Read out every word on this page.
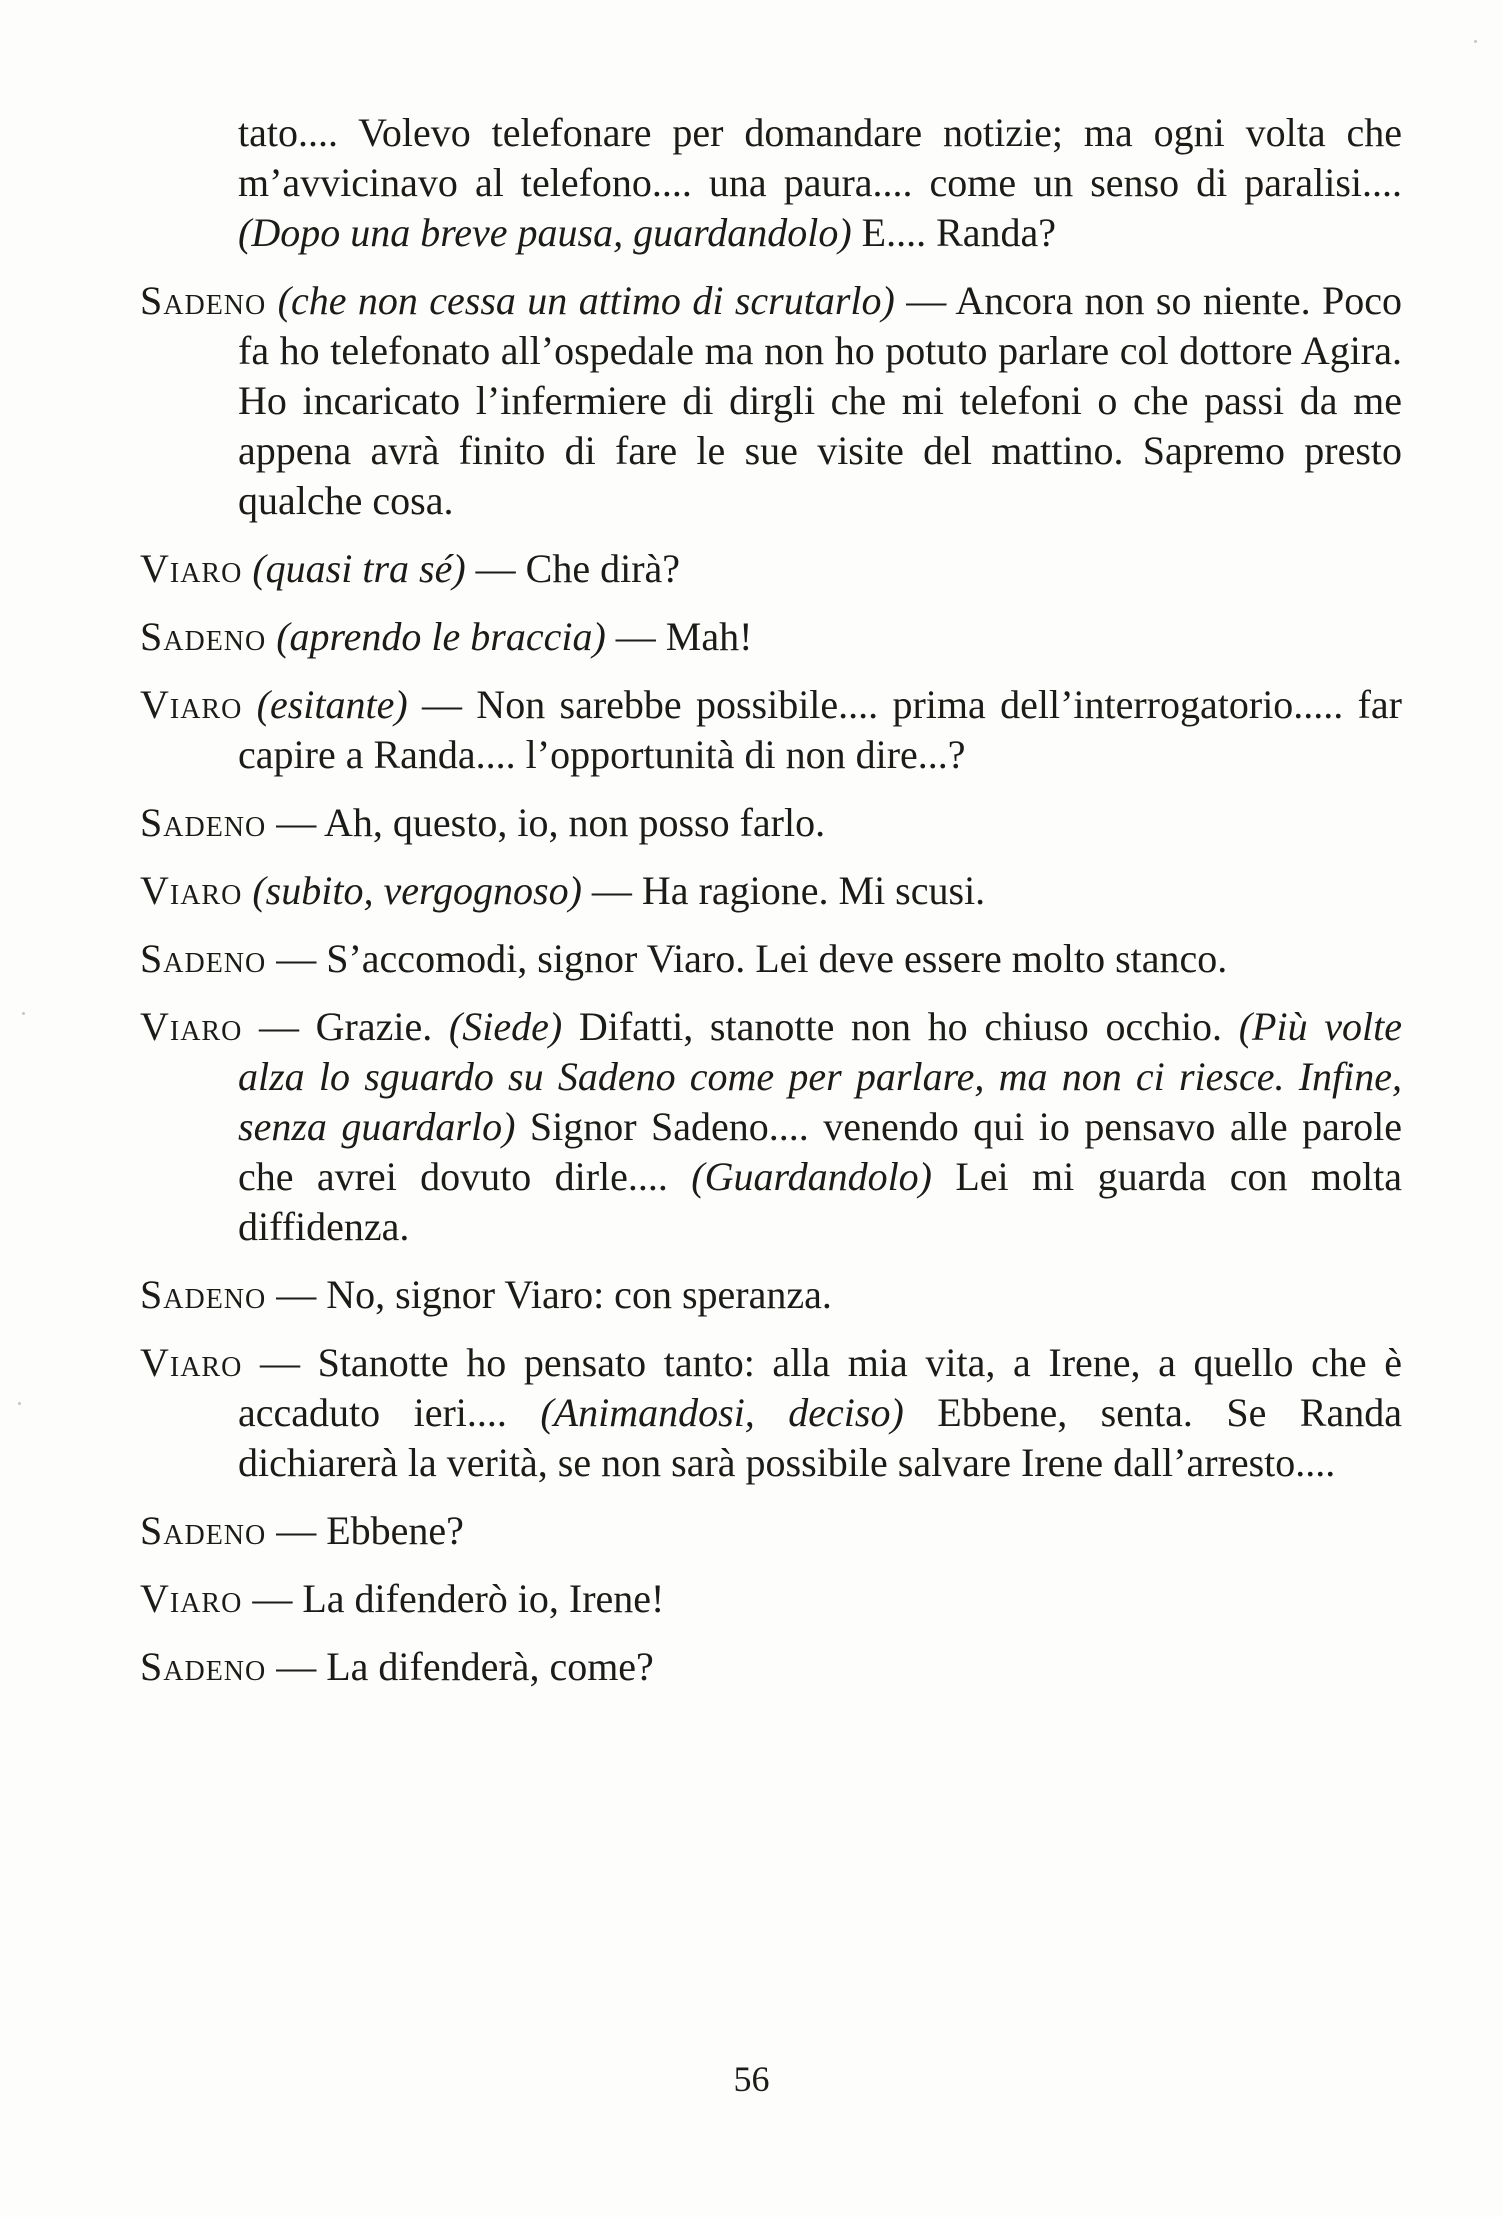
tato.... Volevo telefonare per domandare notizie; ma ogni volta che m’avvicinavo al telefono.... una paura.... come un senso di paralisi.... (Dopo una breve pausa, guardandolo) E.... Randa?

Sadeno (che non cessa un attimo di scrutarlo) — Ancora non so niente. Poco fa ho telefonato all’ospedale ma non ho potuto parlare col dottore Agira. Ho incaricato l’infermiere di dirgli che mi telefoni o che passi da me appena avrà finito di fare le sue visite del mattino. Sapremo presto qualche cosa.

Viaro (quasi tra sé) — Che dirà?

Sadeno (aprendo le braccia) — Mah!

Viaro (esitante) — Non sarebbe possibile.... prima dell’interrogatorio..... far capire a Randa.... l’opportunità di non dire...?

Sadeno — Ah, questo, io, non posso farlo.

Viaro (subito, vergognoso) — Ha ragione. Mi scusi.

Sadeno — S’accomodi, signor Viaro. Lei deve essere molto stanco.

Viaro — Grazie. (Siede) Difatti, stanotte non ho chiuso occhio. (Più volte alza lo sguardo su Sadeno come per parlare, ma non ci riesce. Infine, senza guardarlo) Signor Sadeno.... venendo qui io pensavo alle parole che avrei dovuto dirle.... (Guardandolo) Lei mi guarda con molta diffidenza.

Sadeno — No, signor Viaro: con speranza.

Viaro — Stanotte ho pensato tanto: alla mia vita, a Irene, a quello che è accaduto ieri.... (Animandosi, deciso) Ebbene, senta. Se Randa dichiarerà la verità, se non sarà possibile salvare Irene dall’arresto....

Sadeno — Ebbene?

Viaro — La difenderò io, Irene!

Sadeno — La difenderà, come?

56
